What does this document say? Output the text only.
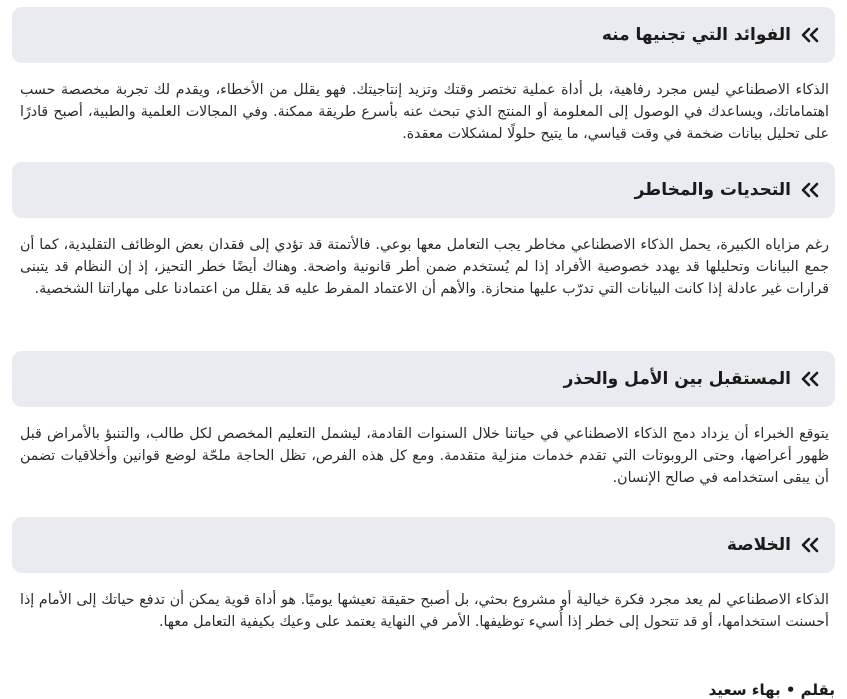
الفوائد التي تجنيها منه

الذكاء الاصطناعي ليس مجرد رفاهية، بل أداة عملية تختصر وقتك وتزيد إنتاجيتك. فهو يقلل من الأخطاء، ويقدم لك تجربة مخصصة حسب اهتماماتك، ويساعدك في الوصول إلى المعلومة أو المنتج الذي تبحث عنه بأسرع طريقة ممكنة. وفي المجالات العلمية والطبية، أصبح قادرًا على تحليل بيانات ضخمة في وقت قياسي، ما يتيح حلولًا لمشكلات معقدة.

التحديات والمخاطر

رغم مزاياه الكبيرة، يحمل الذكاء الاصطناعي مخاطر يجب التعامل معها بوعي. فالأتمتة قد تؤدي إلى فقدان بعض الوظائف التقليدية، كما أن جمع البيانات وتحليلها قد يهدد خصوصية الأفراد إذا لم يُستخدم ضمن أطر قانونية واضحة. وهناك أيضًا خطر التحيز، إذ إن النظام قد يتبنى قرارات غير عادلة إذا كانت البيانات التي تدرّب عليها منحازة. والأهم أن الاعتماد المفرط عليه قد يقلل من اعتمادنا على مهاراتنا الشخصية.

المستقبل بين الأمل والحذر

يتوقع الخبراء أن يزداد دمج الذكاء الاصطناعي في حياتنا خلال السنوات القادمة، ليشمل التعليم المخصص لكل طالب، والتنبؤ بالأمراض قبل ظهور أعراضها، وحتى الروبوتات التي تقدم خدمات منزلية متقدمة. ومع كل هذه الفرص، تظل الحاجة ملحّة لوضع قوانين وأخلاقيات تضمن أن يبقى استخدامه في صالح الإنسان.

الخلاصة

الذكاء الاصطناعي لم يعد مجرد فكرة خيالية أو مشروع بحثي، بل أصبح حقيقة تعيشها يوميًا. هو أداة قوية يمكن أن تدفع حياتك إلى الأمام إذا أحسنت استخدامها، أو قد تتحول إلى خطر إذا أُسيء توظيفها. الأمر في النهاية يعتمد على وعيك بكيفية التعامل معها.

بقلم • بهاء سعيد
